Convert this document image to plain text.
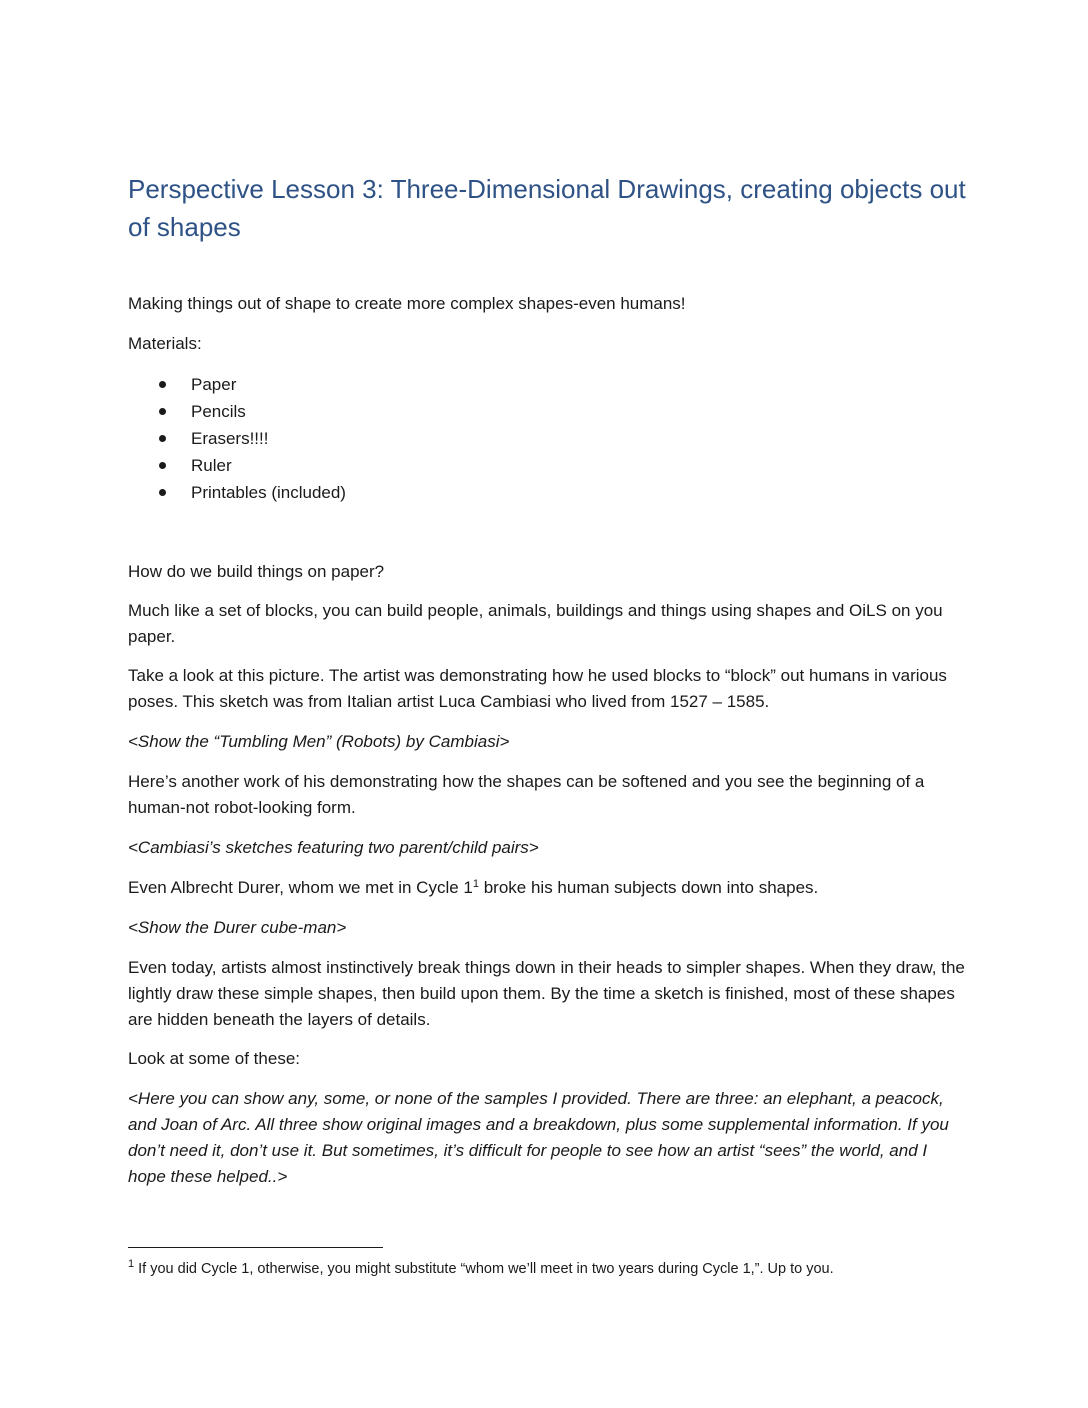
Perspective Lesson 3: Three-Dimensional Drawings, creating objects out of shapes

Making things out of shape to create more complex shapes-even humans!

Materials:

Paper
Pencils
Erasers!!!!
Ruler
Printables (included)

How do we build things on paper?

Much like a set of blocks, you can build people, animals, buildings and things using shapes and OiLS on you paper.

Take a look at this picture. The artist was demonstrating how he used blocks to “block” out humans in various poses. This sketch was from Italian artist Luca Cambiasi who lived from 1527 – 1585.

<Show the “Tumbling Men” (Robots) by Cambiasi>

Here’s another work of his demonstrating how the shapes can be softened and you see the beginning of a human-not robot-looking form.

<Cambiasi’s sketches featuring two parent/child pairs>

Even Albrecht Durer, whom we met in Cycle $1^1$ broke his human subjects down into shapes.

<Show the Durer cube-man>

Even today, artists almost instinctively break things down in their heads to simpler shapes. When they draw, the lightly draw these simple shapes, then build upon them. By the time a sketch is finished, most of these shapes are hidden beneath the layers of details.

Look at some of these:

<Here you can show any, some, or none of the samples I provided. There are three: an elephant, a peacock, and Joan of Arc. All three show original images and a breakdown, plus some supplemental information. If you don’t need it, don’t use it. But sometimes, it’s difficult for people to see how an artist “sees” the world, and I hope these helped..>

$^1$ If you did Cycle 1, otherwise, you might substitute “whom we’ll meet in two years during Cycle 1,”. Up to you.
